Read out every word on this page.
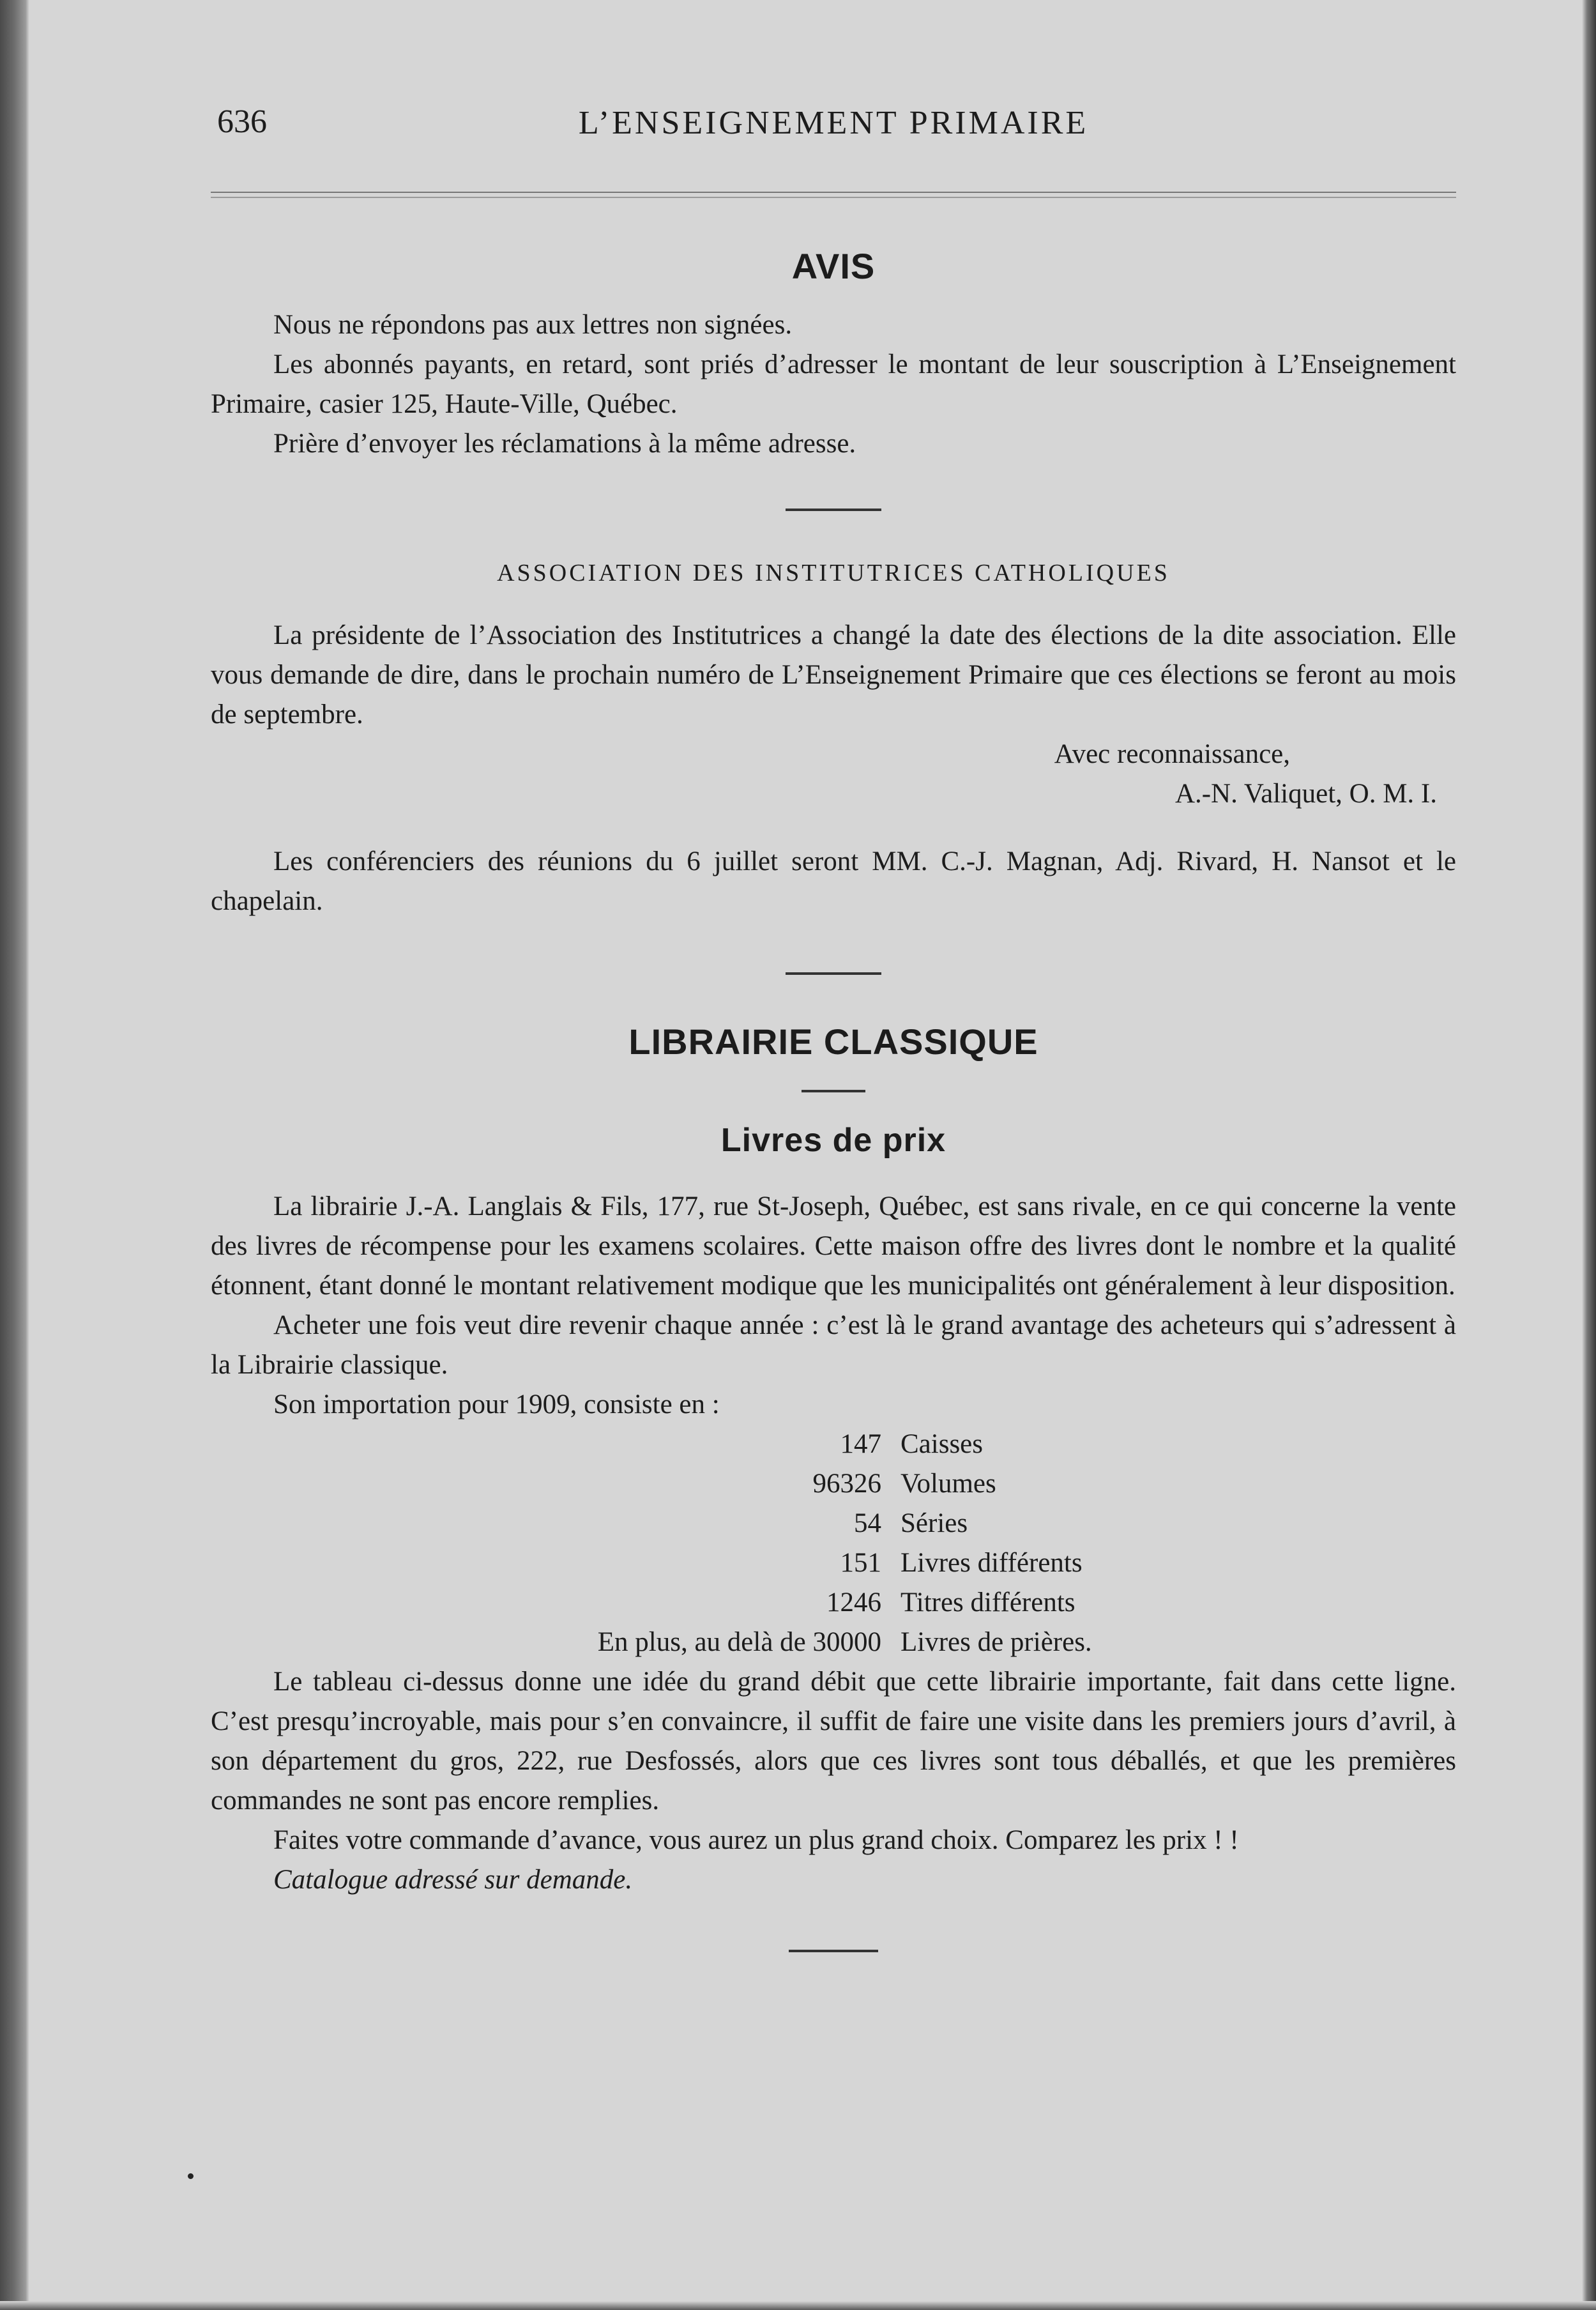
636	L’ENSEIGNEMENT PRIMAIRE
AVIS

Nous ne répondons pas aux lettres non signées.

Les abonnés payants, en retard, sont priés d’adresser le montant de leur souscription à L’Enseignement Primaire, casier 125, Haute-Ville, Québec.

Prière d’envoyer les réclamations à la même adresse.

ASSOCIATION DES INSTITUTRICES CATHOLIQUES

La présidente de l’Association des Institutrices a changé la date des élections de la dite association. Elle vous demande de dire, dans le prochain numéro de L’Enseignement Primaire que ces élections se feront au mois de septembre.

Avec reconnaissance,

A.-N. Valiquet, O. M. I.

Les conférenciers des réunions du 6 juillet seront MM. C.-J. Magnan, Adj. Rivard, H. Nansot et le chapelain.

LIBRAIRIE CLASSIQUE
Livres de prix

La librairie J.-A. Langlais & Fils, 177, rue St-Joseph, Québec, est sans rivale, en ce qui concerne la vente des livres de récompense pour les examens scolaires. Cette maison offre des livres dont le nombre et la qualité étonnent, étant donné le montant relativement modique que les municipalités ont généralement à leur disposition.

Acheter une fois veut dire revenir chaque année : c’est là le grand avantage des acheteurs qui s’adressent à la Librairie classique.

Son importation pour 1909, consiste en :

147 Caisses
96326 Volumes
54 Séries
151 Livres différents
1246 Titres différents
En plus, au delà de 30000 Livres de prières.

Le tableau ci-dessus donne une idée du grand débit que cette librairie importante, fait dans cette ligne. C’est presqu’incroyable, mais pour s’en convaincre, il suffit de faire une visite dans les premiers jours d’avril, à son département du gros, 222, rue Desfossés, alors que ces livres sont tous déballés, et que les premières commandes ne sont pas encore remplies.

Faites votre commande d’avance, vous aurez un plus grand choix. Comparez les prix ! !

Catalogue adressé sur demande.
